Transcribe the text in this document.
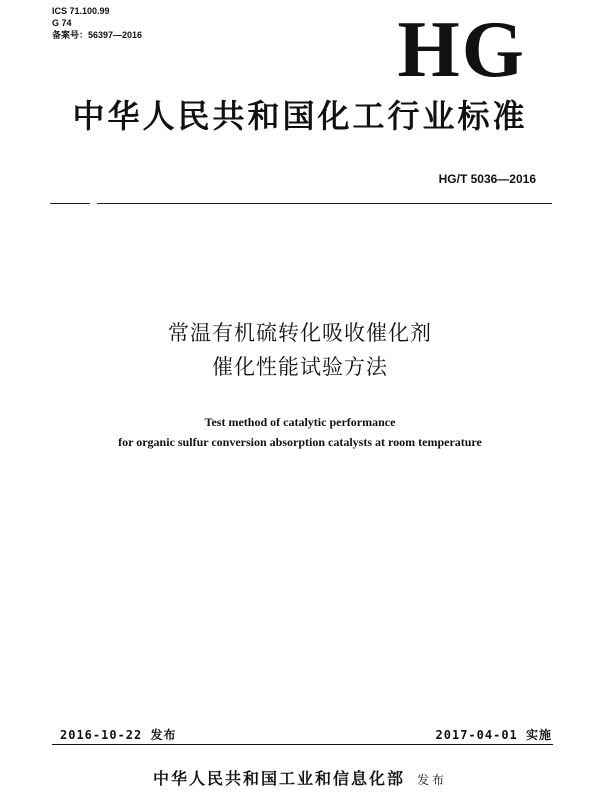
ICS 71.100.99
G 74
备案号：56397—2016	HG
中华人民共和国化工行业标准
HG/T 5036—2016
常温有机硫转化吸收催化剂
催化性能试验方法
Test method of catalytic performance
for organic sulfur conversion absorption catalysts at room temperature
2016-10-22 发布	2017-04-01 实施
中华人民共和国工业和信息化部 发布
